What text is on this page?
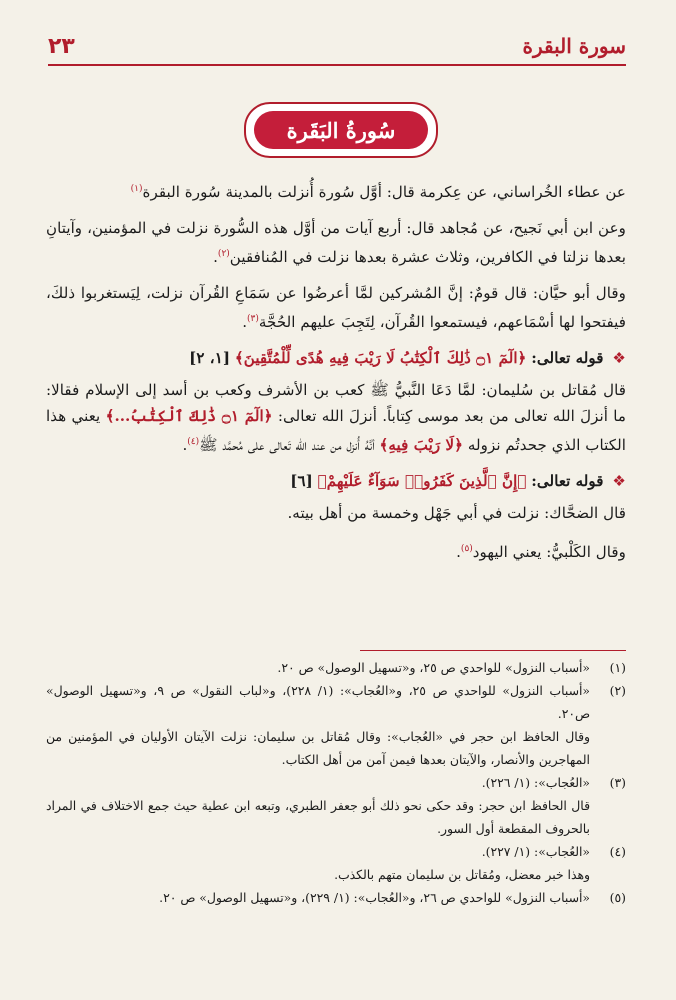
٢٣	سورة البقرة
سُورةُ البَقَرة

عن عطاء الخُراساني، عن عِكرمة قال: أوَّل سُورة أُنزلت بالمدينة سُورة البقرة$^{(١)}$

وعن ابن أبي نَجيح، عن مُجاهد قال: أربع آيات من أوَّل هذه السُّورة نزلت في المؤمنين، وآيتانِ بعدها نزلتا في الكافرين، وثلاث عشرة بعدها نزلت في المُنافقين$^{(٢)}$.

وقال أبو حيَّان: قال قومٌ: إنَّ المُشركين لمَّا أعرضُوا عن سَمَاعِ القُرآن نزلت، لِيَستغربوا ذلكَ، فيفتحوا لها أسْمَاعهم، فيستمعوا القُرآن، لِتَجِبَ عليهم الحُجَّة$^{(٣)}$.

❖ قوله تعالى: ﴿الٓمٓ ۝١ ذَٰلِكَ ٱلْكِتَٰبُ لَا رَيْبَ فِيهِ هُدًى لِّلْمُتَّقِينَ﴾ [١، ٢]

قال مُقاتل بن سُليمان: لمَّا دَعَا النَّبيُّ ﷺ كعب بن الأشرف وكعب بن أسد إلى الإسلام فقالا: ما أنزلَ الله تعالى من بعد موسى كِتاباً. أنزلَ الله تعالى: ﴿الٓمٓ ۝١ ذَٰلِكَ ٱلْكِتَٰبُ...﴾ يعني هذا الكتاب الذي جحدتُم نزوله ﴿لَا رَيْبَ فِيهِ﴾ أنَّهُ أُنزل من عند الله تَعالى على مُحمَّد ﷺ$^{(٤)}$.

❖ قوله تعالى: ﴿إِنَّ ٱلَّذِينَ كَفَرُوا۟ سَوَآءٌ عَلَيْهِمْ﴾ [٦]

قال الضحَّاك: نزلت في أبي جَهْل وخمسة من أهل بيته.

وقال الكَلْبيُّ: يعني اليهود$^{(٥)}$.

(١)
«أسباب النزول» للواحدي ص ٢٥، و«تسهيل الوصول» ص ٢٠.
(٢)
«أسباب النزول» للواحدي ص ٢٥، و«العُجاب»: (١/ ٢٢٨)، و«لباب النقول» ص ٩، و«تسهيل الوصول» ص٢٠.
وقال الحافظ ابن حجر في «العُجاب»: وقال مُقاتل بن سليمان: نزلت الآيتان الأوليان في المؤمنين من المهاجرين والأنصار، والآيتان بعدها فيمن آمن من أهل الكتاب.
(٣)
«العُجاب»: (١/ ٢٢٦).
قال الحافظ ابن حجر: وقد حكى نحو ذلك أبو جعفر الطبري، وتبعه ابن عطية حيث جمع الاختلاف في المراد بالحروف المقطعة أول السور.
(٤)
«العُجاب»: (١/ ٢٢٧).
وهذا خبر معضل، ومُقاتل بن سليمان متهم بالكذب.
(٥)
«أسباب النزول» للواحدي ص ٢٦، و«العُجاب»: (١/ ٢٢٩)، و«تسهيل الوصول» ص ٢٠.
